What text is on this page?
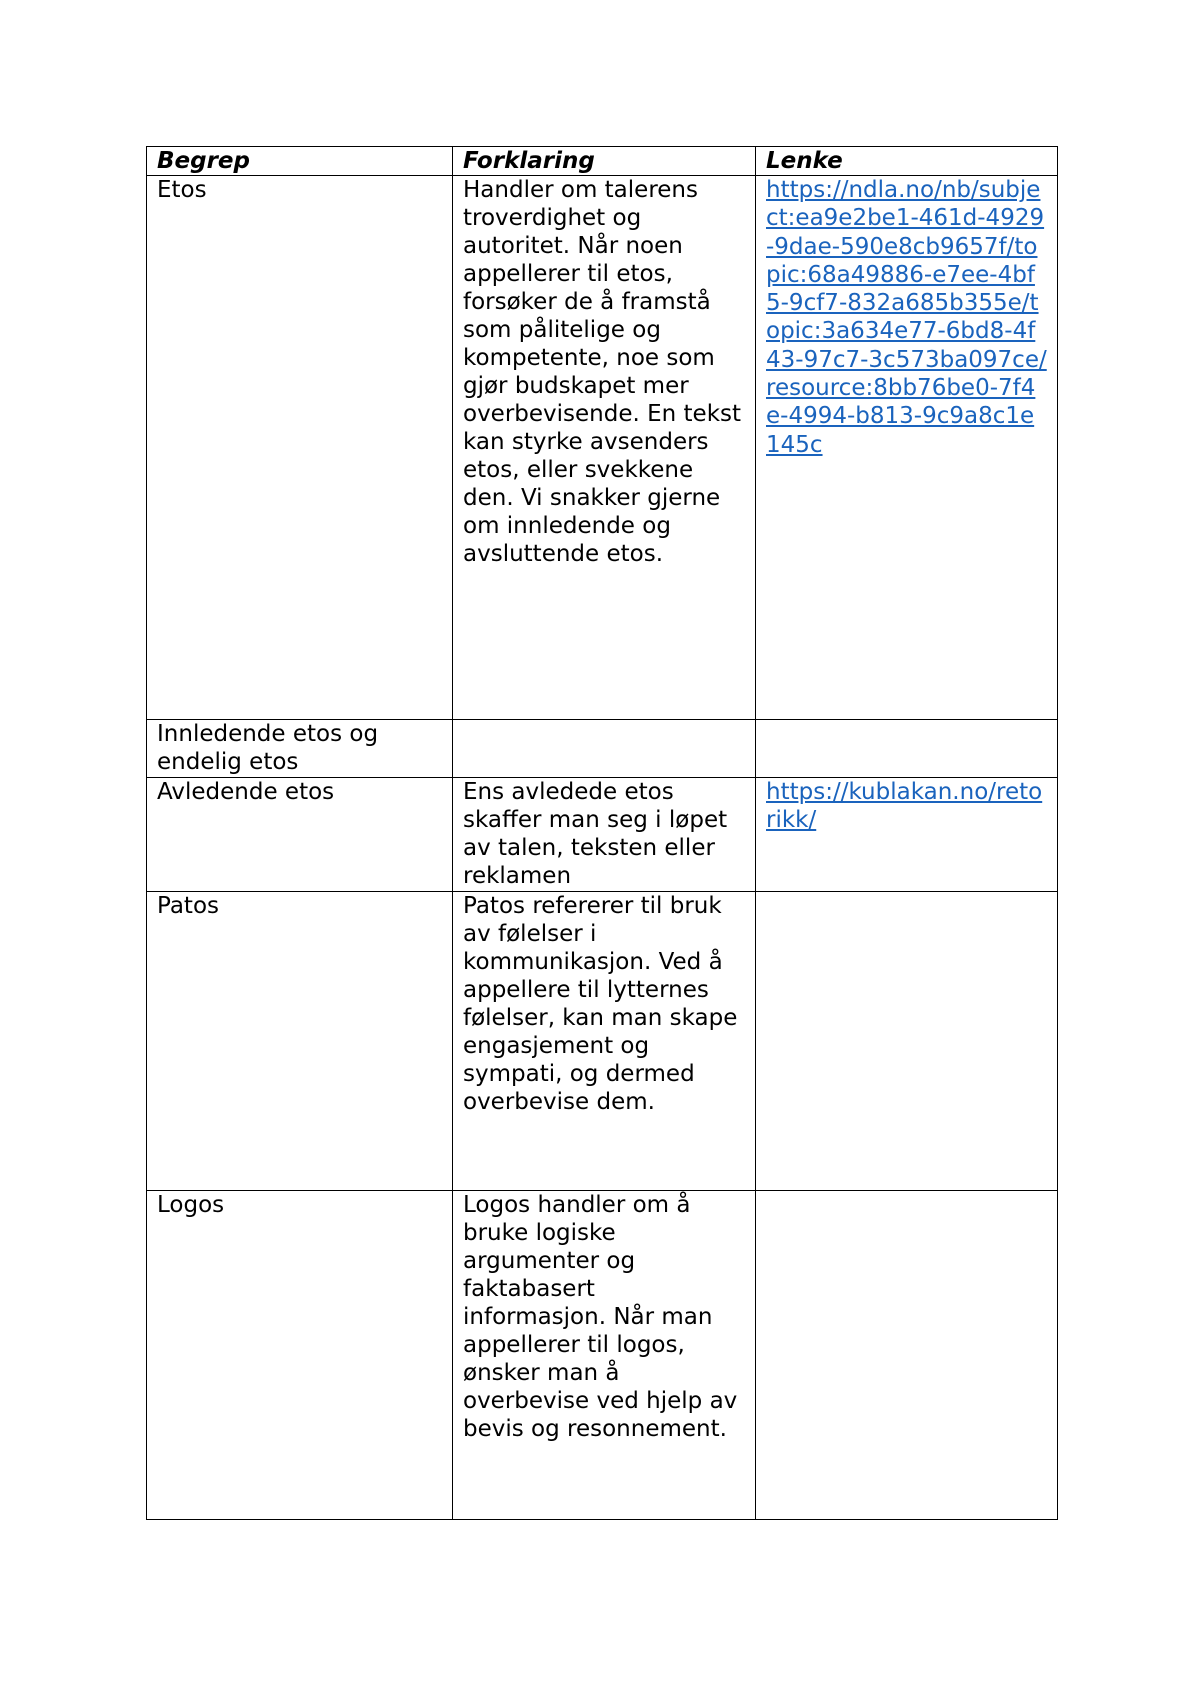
Begrep	Forklaring	Lenke
Etos	Handler om talerens troverdighet og autoritet. Når noen appellerer til etos, forsøker de å framstå som pålitelige og kompetente, noe som gjør budskapet mer overbevisende. En tekst kan styrke avsenders etos, eller svekkene den. Vi snakker gjerne om innledende og avsluttende etos.	https://ndla.no/nb/subject:ea9e2be1-461d-4929-9dae-590e8cb9657f/topic:68a49886-e7ee-4bf5-9cf7-832a685b355e/topic:3a634e77-6bd8-4f43-97c7-3c573ba097ce/resource:8bb76be0-7f4e-4994-b813-9c9a8c1e145c
Innledende etos og endelig etos		
Avledende etos	Ens avledede etos skaffer man seg i løpet av talen, teksten eller reklamen	https://kublakan.no/retorikk/
Patos	Patos refererer til bruk av følelser i kommunikasjon. Ved å appellere til lytternes følelser, kan man skape engasjement og sympati, og dermed overbevise dem.	
Logos	Logos handler om å bruke logiske argumenter og faktabasert informasjon. Når man appellerer til logos, ønsker man å overbevise ved hjelp av bevis og resonnement.	
